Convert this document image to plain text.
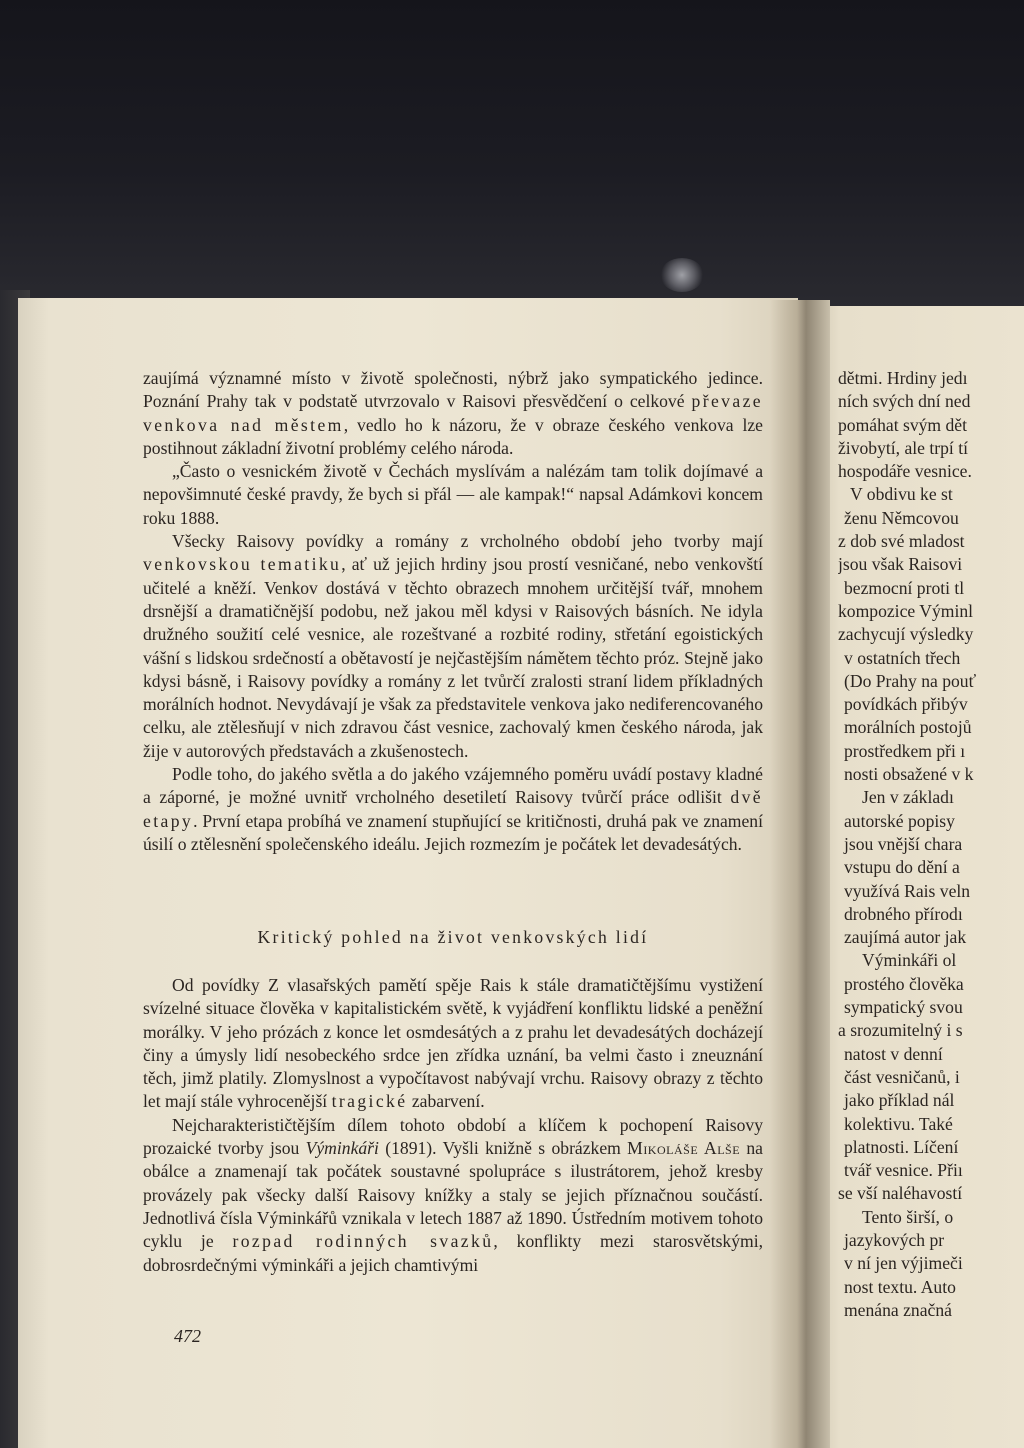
zaujímá významné místo v životě společnosti, nýbrž jako sympatického jedince. Poznání Prahy tak v podstatě utvrzovalo v Raisovi přesvědčení o celkové převaze venkova nad městem, vedlo ho k názoru, že v obraze českého venkova lze postihnout základní životní problémy celého národa.

„Často o vesnickém životě v Čechách myslívám a nalézám tam tolik dojímavé a nepovšimnuté české pravdy, že bych si přál — ale kampak!“ napsal Adámkovi koncem roku 1888.

Všecky Raisovy povídky a romány z vrcholného období jeho tvorby mají venkovskou tematiku, ať už jejich hrdiny jsou prostí vesničané, nebo venkovští učitelé a kněží. Venkov dostává v těchto obrazech mnohem určitější tvář, mnohem drsnější a dramatičnější podobu, než jakou měl kdysi v Raisových básních. Ne idyla družného soužití celé vesnice, ale rozeštvané a rozbité rodiny, střetání egoistických vášní s lidskou srdečností a obětavostí je nejčastějším námětem těchto próz. Stejně jako kdysi básně, i Raisovy povídky a romány z let tvůrčí zralosti straní lidem příkladných morálních hodnot. Nevydávají je však za představitele venkova jako nediferencovaného celku, ale ztělesňují v nich zdravou část vesnice, zachovalý kmen českého národa, jak žije v autorových představách a zkušenostech.

Podle toho, do jakého světla a do jakého vzájemného poměru uvádí postavy kladné a záporné, je možné uvnitř vrcholného desetiletí Raisovy tvůrčí práce odlišit dvě etapy. První etapa probíhá ve znamení stupňující se kritičnosti, druhá pak ve znamení úsilí o ztělesnění společenského ideálu. Jejich rozmezím je počátek let devadesátých.

Kritický pohled na život venkovských lidí

Od povídky Z vlasařských pamětí spěje Rais k stále dramatičtějšímu vystižení svízelné situace člověka v kapitalistickém světě, k vyjádření konfliktu lidské a peněžní morálky. V jeho prózách z konce let osmdesátých a z prahu let devadesátých docházejí činy a úmysly lidí nesobeckého srdce jen zřídka uznání, ba velmi často i zneuznání těch, jimž platily. Zlomyslnost a vypočítavost nabývají vrchu. Raisovy obrazy z těchto let mají stále vyhrocenější tragické zabarvení.

Nejcharakterističtějším dílem tohoto období a klíčem k pochopení Raisovy prozaické tvorby jsou Výminkáři (1891). Vyšli knižně s obrázkem Mikoláše Alše na obálce a znamenají tak počátek soustavné spolupráce s ilustrátorem, jehož kresby provázely pak všecky další Raisovy knížky a staly se jejich příznačnou součástí. Jednotlivá čísla Výminkářů vznikala v letech 1887 až 1890. Ústředním motivem tohoto cyklu je rozpad rodinných svazků, konflikty mezi starosvětskými, dobrosrdečnými výminkáři a jejich chamtivými

472
dětmi. Hrdiny jedı
ních svých dní ned
pomáhat svým dět
živobytí, ale trpí tí
hospodáře vesnice.
V obdivu ke st
ženu Němcovou
z dob své mladost
jsou však Raisovi
bezmocní proti tl
kompozice Výminl
zachycují výsledky
v ostatních třech
(Do Prahy na pouť
povídkách přibýv
morálních postojů
prostředkem při ı
nosti obsažené v k
Jen v základı
autorské popisy
jsou vnější chara
vstupu do dění a
využívá Rais veln
drobného přírodı
zaujímá autor jak
Výminkáři ol
prostého člověka
sympatický svou
a srozumitelný i s
natost v denní
část vesničanů, i
jako příklad nál
kolektivu. Také
platnosti. Líčení
tvář vesnice. Přiı
se vší naléhavostí
Tento širší, o
jazykových pr
v ní jen výjimeči
nost textu. Auto
menána značná
